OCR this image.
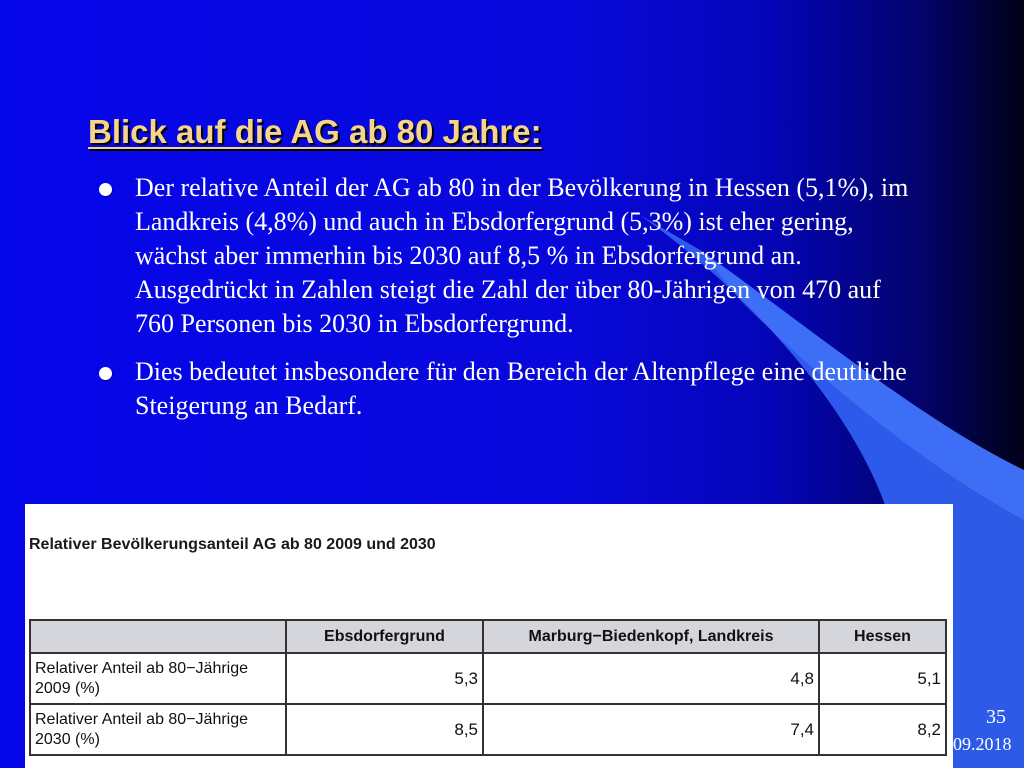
Blick auf die AG ab 80 Jahre:
Der relative Anteil der AG ab 80 in der Bevölkerung in Hessen (5,1%), im Landkreis (4,8%) und auch in Ebsdorfergrund (5,3%) ist eher gering, wächst aber immerhin bis 2030 auf 8,5 % in Ebsdorfergrund an. Ausgedrückt in Zahlen steigt die Zahl der über 80-Jährigen von 470 auf 760 Personen bis 2030 in Ebsdorfergrund.
Dies bedeutet insbesondere für den Bereich der Altenpflege eine deutliche Steigerung an Bedarf.
Relativer Bevölkerungsanteil AG ab 80 2009 und 2030
	Ebsdorfergrund	Marburg−Biedenkopf, Landkreis	Hessen
Relativer Anteil ab 80−Jährige
2009 (%)	5,3	4,8	5,1
Relativer Anteil ab 80−Jährige
2030 (%)	8,5	7,4	8,2
35
09.2018
